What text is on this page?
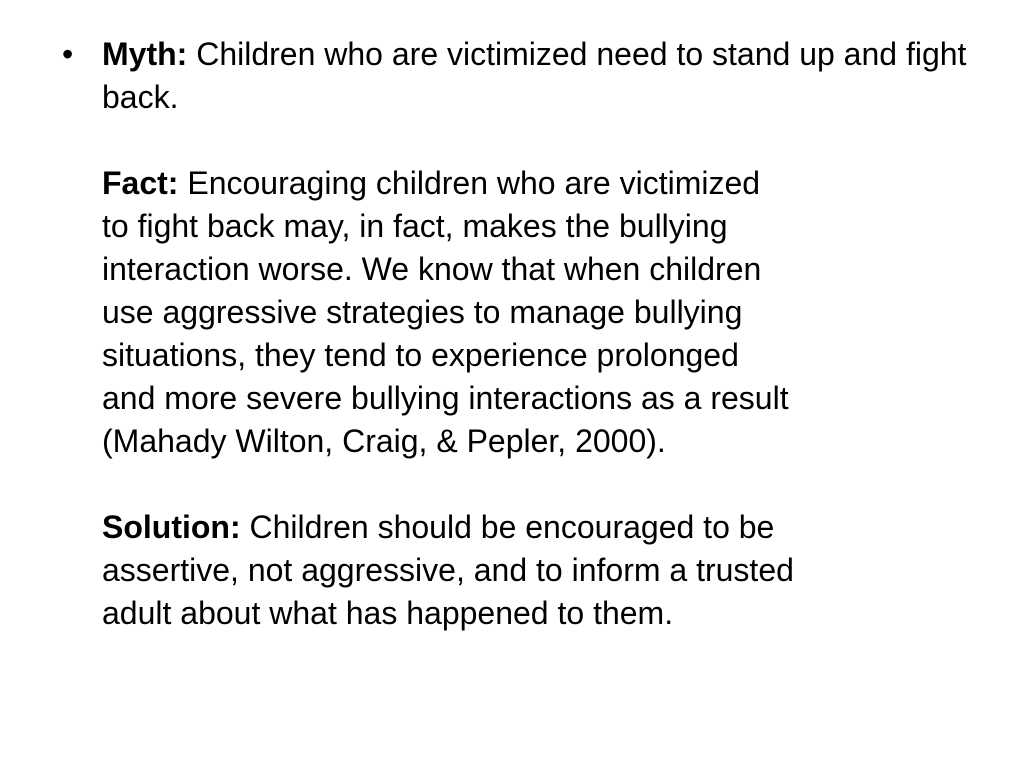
• Myth: Children who are victimized need to stand up and fight back.

Fact: Encouraging children who are victimized
to fight back may, in fact, makes the bullying
interaction worse. We know that when children
use aggressive strategies to manage bullying
situations, they tend to experience prolonged
and more severe bullying interactions as a result
(Mahady Wilton, Craig, & Pepler, 2000).

Solution: Children should be encouraged to be
assertive, not aggressive, and to inform a trusted
adult about what has happened to them.
